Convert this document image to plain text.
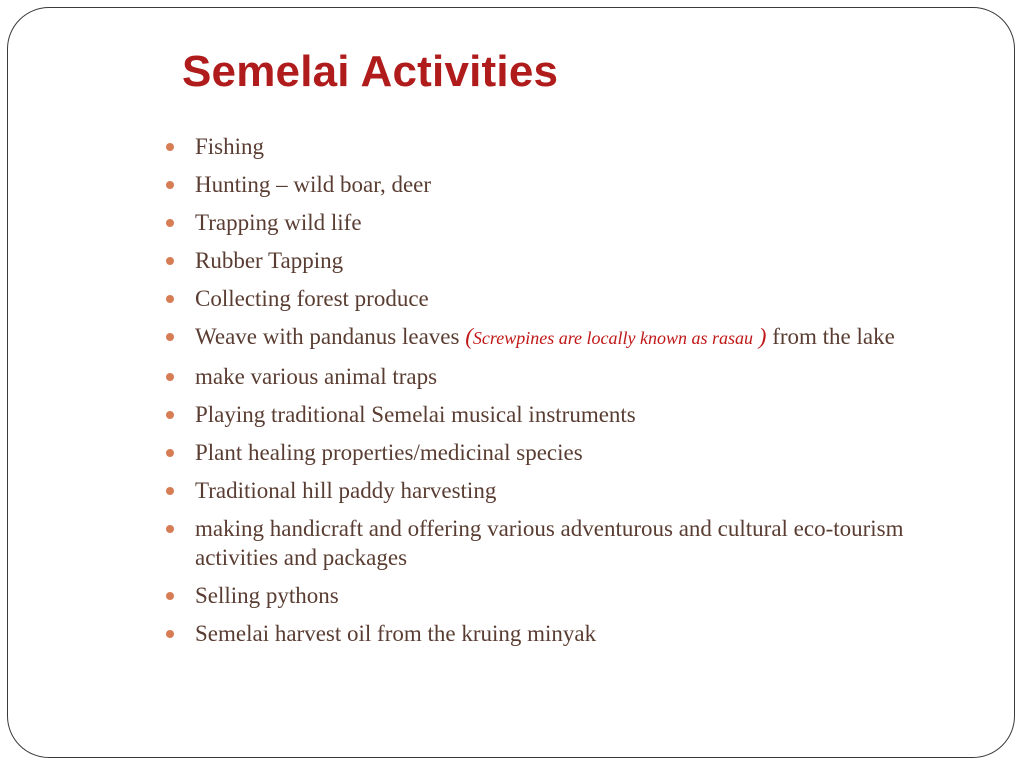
Semelai Activities
Fishing
Hunting – wild boar, deer
Trapping wild life
Rubber Tapping
Collecting forest produce
Weave with pandanus leaves (Screwpines are locally known as rasau ) from the lake
make various animal traps
Playing traditional Semelai musical instruments
Plant healing properties/medicinal species
Traditional hill paddy harvesting
making handicraft and offering various adventurous and cultural eco-tourism activities and packages
Selling pythons
Semelai harvest oil from the kruing minyak
